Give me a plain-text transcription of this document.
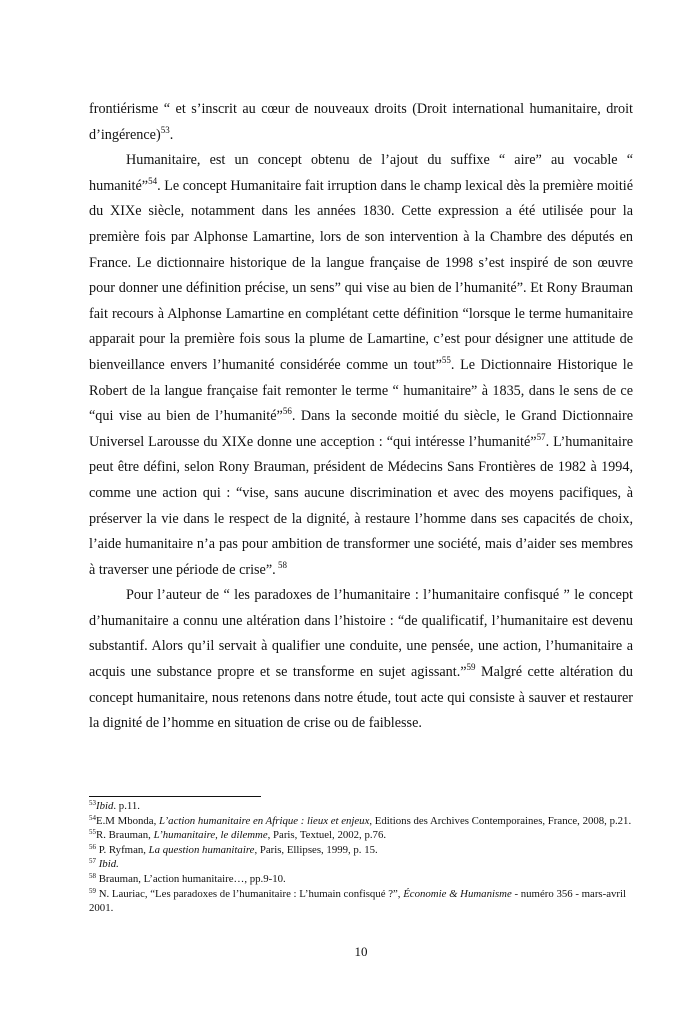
frontiérisme “ et s’inscrit au cœur de nouveaux droits (Droit international humanitaire, droit d’ingérence)$^{53}$.

Humanitaire, est un concept obtenu de l’ajout du suffixe “ aire” au vocable “ humanité”$^{54}$. Le concept Humanitaire fait irruption dans le champ lexical dès la première moitié du XIXe siècle, notamment dans les années 1830. Cette expression a été utilisée pour la première fois par Alphonse Lamartine, lors de son intervention à la Chambre des députés en France. Le dictionnaire historique de la langue française de 1998 s’est inspiré de son œuvre pour donner une définition précise, un sens” qui vise au bien de l’humanité”. Et Rony Brauman fait recours à Alphonse Lamartine en complétant cette définition “lorsque le terme humanitaire apparait pour la première fois sous la plume de Lamartine, c’est pour désigner une attitude de bienveillance envers l’humanité considérée comme un tout”$^{55}$. Le Dictionnaire Historique le Robert de la langue française fait remonter le terme “ humanitaire” à 1835, dans le sens de ce “qui vise au bien de l’humanité”$^{56}$. Dans la seconde moitié du siècle, le Grand Dictionnaire Universel Larousse du XIXe donne une acception : “qui intéresse l’humanité”$^{57}$. L’humanitaire peut être défini, selon Rony Brauman, président de Médecins Sans Frontières de 1982 à 1994, comme une action qui : “vise, sans aucune discrimination et avec des moyens pacifiques, à préserver la vie dans le respect de la dignité, à restaure l’homme dans ses capacités de choix, l’aide humanitaire n’a pas pour ambition de transformer une société, mais d’aider ses membres à traverser une période de crise”. $^{58}$

Pour l’auteur de “ les paradoxes de l’humanitaire : l’humanitaire confisqué ” le concept d’humanitaire a connu une altération dans l’histoire : “de qualificatif, l’humanitaire est devenu substantif. Alors qu’il servait à qualifier une conduite, une pensée, une action, l’humanitaire a acquis une substance propre et se transforme en sujet agissant.”$^{59}$ Malgré cette altération du concept humanitaire, nous retenons dans notre étude, tout acte qui consiste à sauver et restaurer la dignité de l’homme en situation de crise ou de faiblesse.

$^{53}$Ibid. p.11.

$^{54}$E.M Mbonda, L’action humanitaire en Afrique : lieux et enjeux, Editions des Archives Contemporaines, France, 2008, p.21.

$^{55}$R. Brauman, L’humanitaire, le dilemme, Paris, Textuel, 2002, p.76.

$^{56}$ P. Ryfman, La question humanitaire, Paris, Ellipses, 1999, p. 15.

$^{57}$ Ibid.

$^{58}$ Brauman, L’action humanitaire…, pp.9-10.

$^{59}$ N. Lauriac, “Les paradoxes de l’humanitaire : L’humain confisqué ?”, Économie & Humanisme - numéro 356 - mars-avril 2001.

10
